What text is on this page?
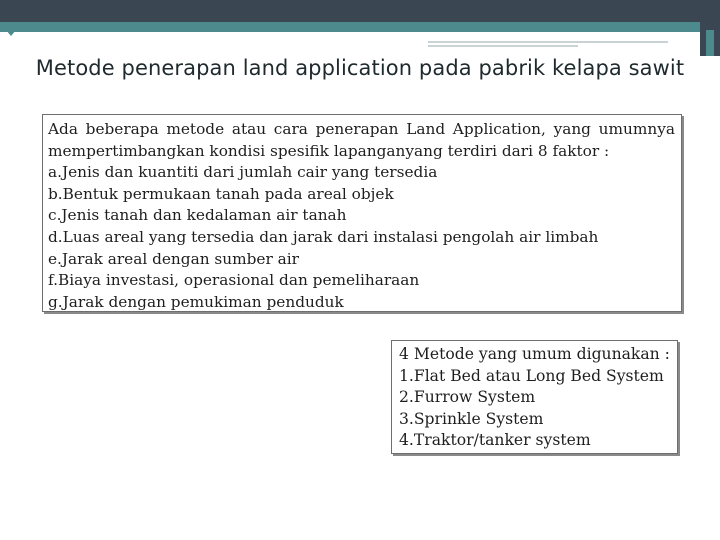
Metode penerapan land application pada pabrik kelapa sawit
Ada beberapa metode atau cara penerapan Land Application, yang umumnya
mempertimbangkan kondisi spesifik lapanganyang terdiri dari 8 faktor :
a.Jenis dan kuantiti dari jumlah cair yang tersedia
b.Bentuk permukaan tanah pada areal objek
c.Jenis tanah dan kedalaman air tanah
d.Luas areal yang tersedia dan jarak dari instalasi pengolah air limbah
e.Jarak areal dengan sumber air
f.Biaya investasi, operasional dan pemeliharaan
g.Jarak dengan pemukiman penduduk
4 Metode yang umum digunakan :
1.Flat Bed atau Long Bed System
2.Furrow System
3.Sprinkle System
4.Traktor/tanker system
